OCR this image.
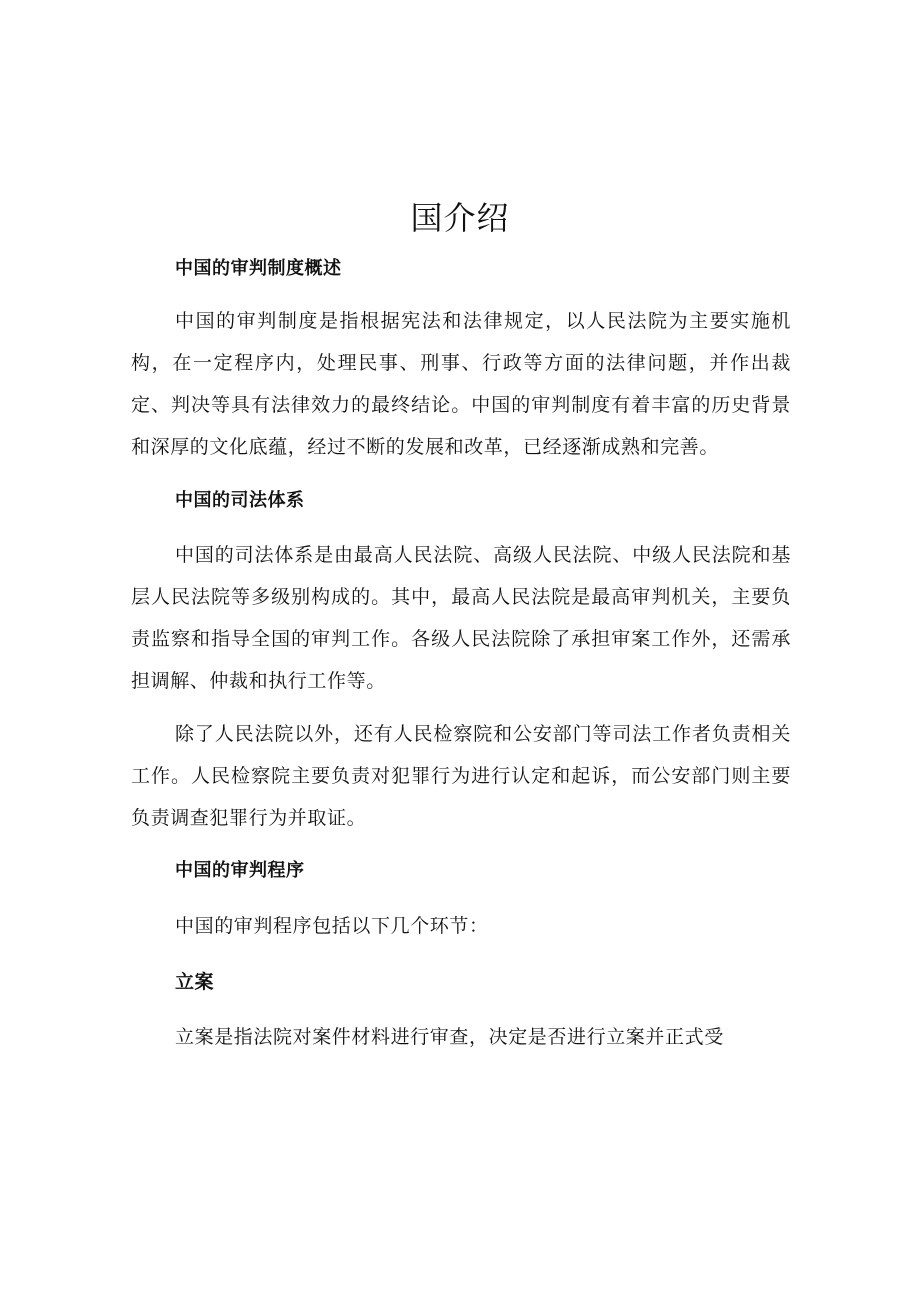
国介绍
中国的审判制度概述

中国的审判制度是指根据宪法和法律规定，以人民法院为主要实施机构，在一定程序内，处理民事、刑事、行政等方面的法律问题，并作出裁定、判决等具有法律效力的最终结论。中国的审判制度有着丰富的历史背景和深厚的文化底蕴，经过不断的发展和改革，已经逐渐成熟和完善。

中国的司法体系

中国的司法体系是由最高人民法院、高级人民法院、中级人民法院和基层人民法院等多级别构成的。其中，最高人民法院是最高审判机关，主要负责监察和指导全国的审判工作。各级人民法院除了承担审案工作外，还需承担调解、仲裁和执行工作等。

除了人民法院以外，还有人民检察院和公安部门等司法工作者负责相关工作。人民检察院主要负责对犯罪行为进行认定和起诉，而公安部门则主要负责调查犯罪行为并取证。

中国的审判程序

中国的审判程序包括以下几个环节：

立案

立案是指法院对案件材料进行审查，决定是否进行立案并正式受
